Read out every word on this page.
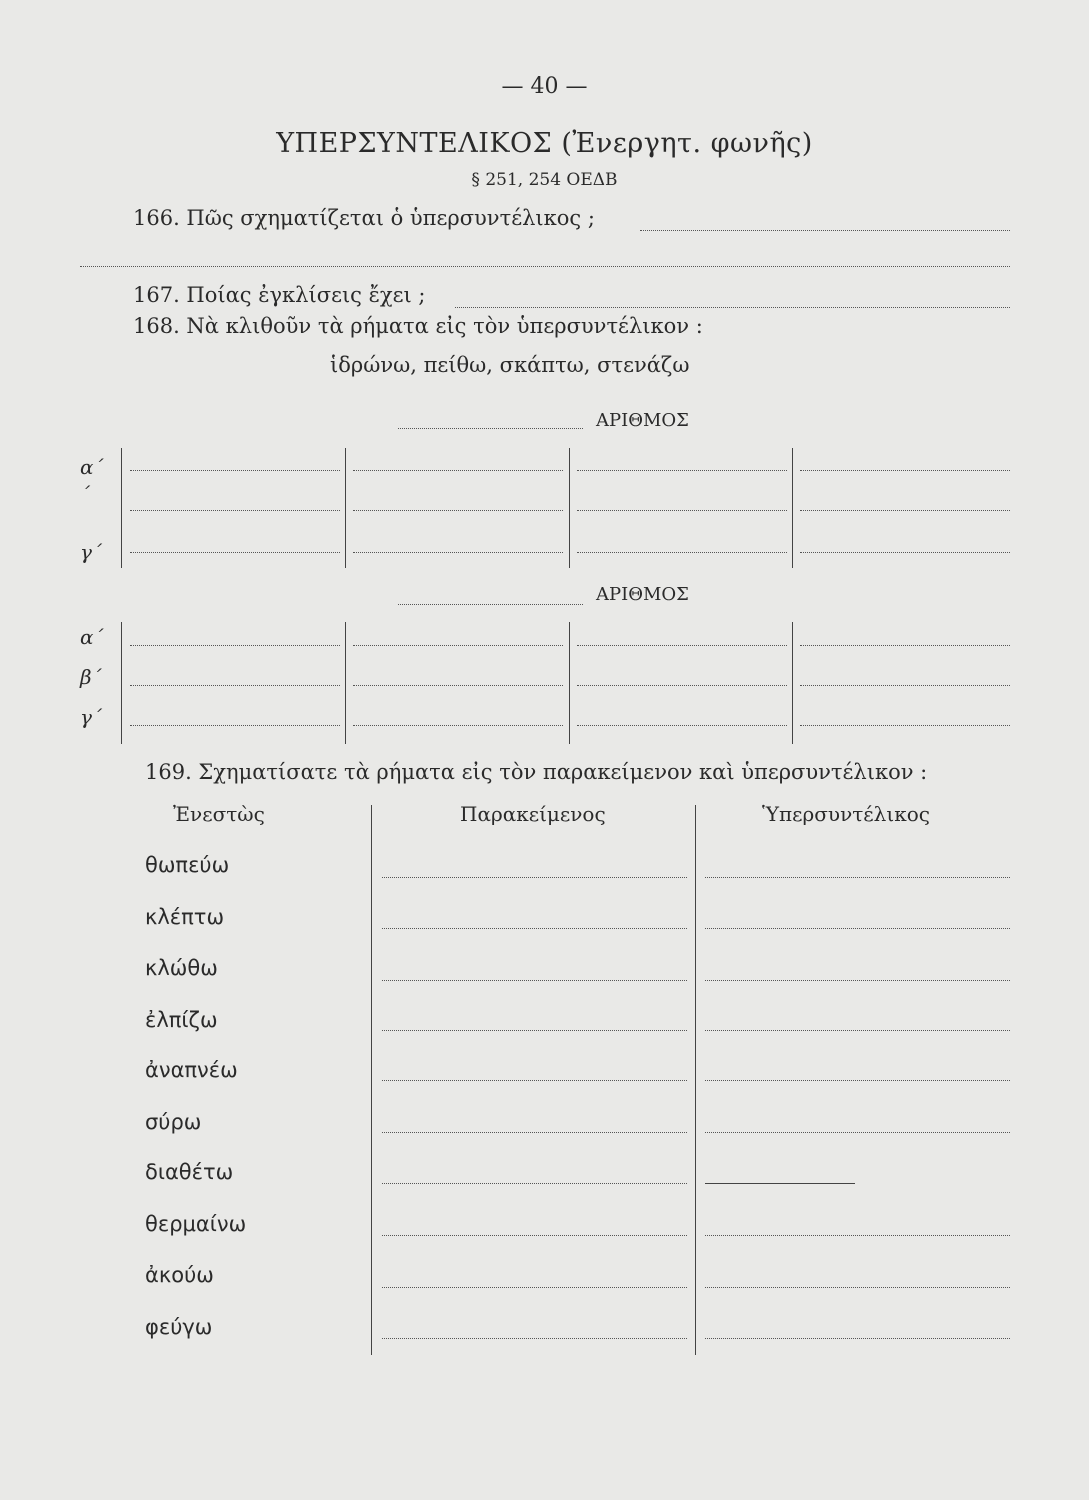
— 40 —
ΥΠΕΡΣΥΝΤΕΛΙΚΟΣ (Ἐνεργητ. φωνῆς)
§ 251, 254 ΟΕΔΒ
166. Πῶς σχηματίζεται ὁ ὑπερσυντέλικος ;
167. Ποίας ἐγκλίσεις ἔχει ;
168. Νὰ κλιθοῦν τὰ ρήματα εἰς τὸν ὑπερσυντέλικον :
ἱδρώνω, πείθω, σκάπτω, στενάζω
ΑΡΙΘΜΟΣ
α΄
΄
γ΄
ΑΡΙΘΜΟΣ
α΄
β΄
γ΄
169. Σχηματίσατε τὰ ρήματα εἰς τὸν παρακείμενον καὶ ὑπερσυντέλικον :
Ἐνεστὼς	Παρακείμενος	Ὑπερσυντέλικος
θωπεύω
κλέπτω
κλώθω
ἐλπίζω
ἀναπνέω
σύρω
διαθέτω
θερμαίνω
ἀκούω
φεύγω
